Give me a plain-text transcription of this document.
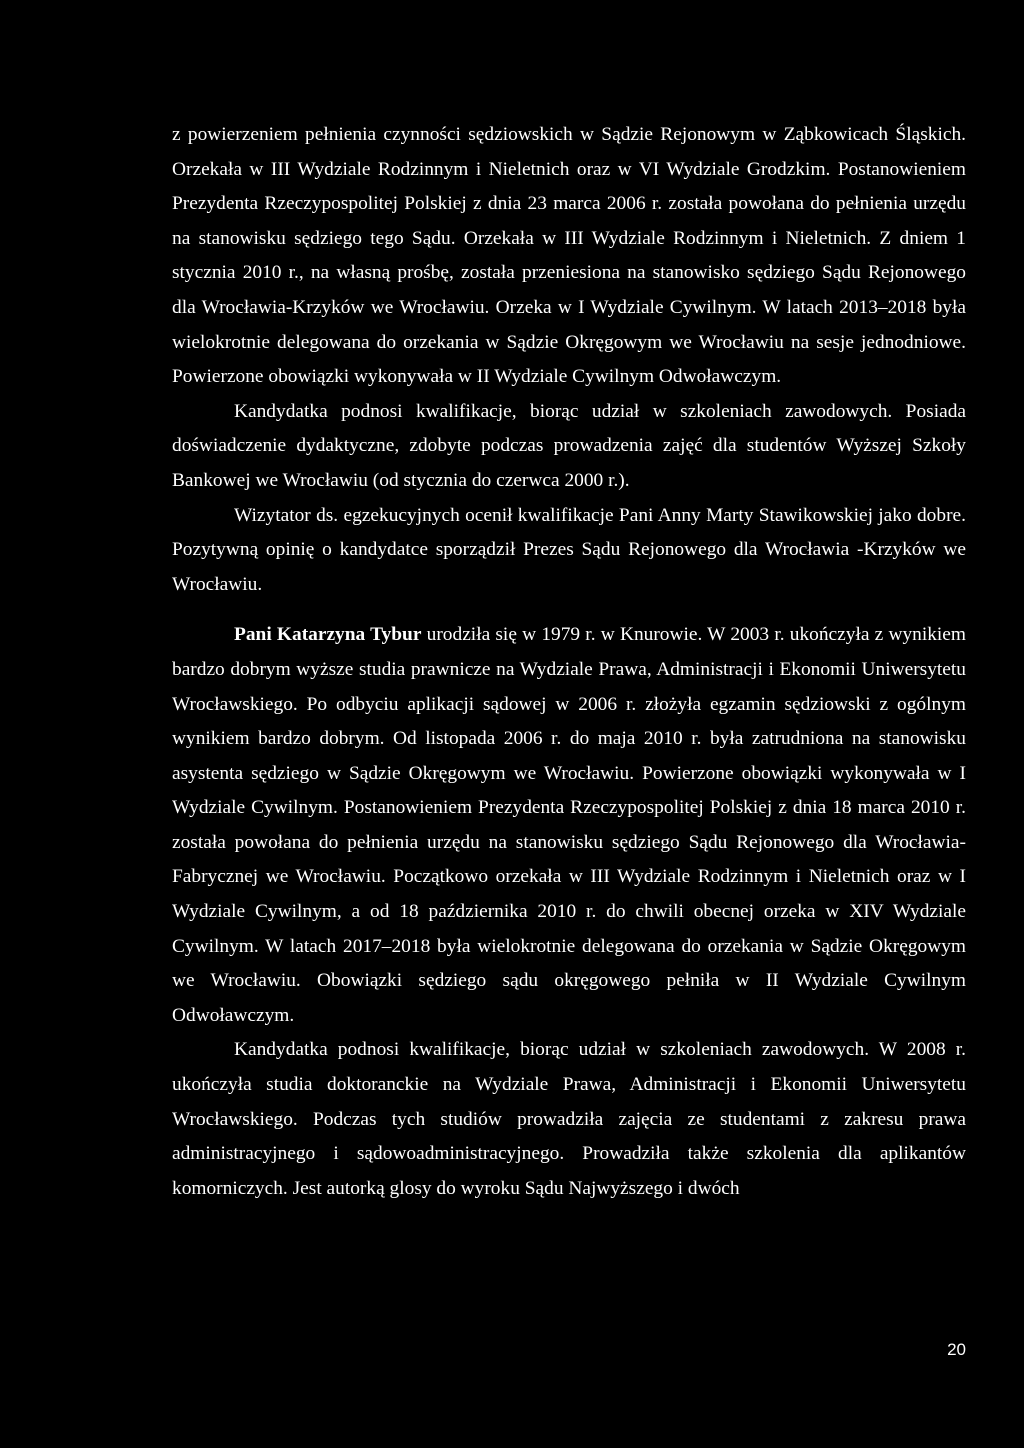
z powierzeniem pełnienia czynności sędziowskich w Sądzie Rejonowym w Ząbkowicach Śląskich. Orzekała w III Wydziale Rodzinnym i Nieletnich oraz w VI Wydziale Grodzkim. Postanowieniem Prezydenta Rzeczypospolitej Polskiej z dnia 23 marca 2006 r. została powołana do pełnienia urzędu na stanowisku sędziego tego Sądu. Orzekała w III Wydziale Rodzinnym i Nieletnich. Z dniem 1 stycznia 2010 r., na własną prośbę, została przeniesiona na stanowisko sędziego Sądu Rejonowego dla Wrocławia-Krzyków we Wrocławiu. Orzeka w I Wydziale Cywilnym. W latach 2013–2018 była wielokrotnie delegowana do orzekania w Sądzie Okręgowym we Wrocławiu na sesje jednodniowe. Powierzone obowiązki wykonywała w II Wydziale Cywilnym Odwoławczym.

Kandydatka podnosi kwalifikacje, biorąc udział w szkoleniach zawodowych. Posiada doświadczenie dydaktyczne, zdobyte podczas prowadzenia zajęć dla studentów Wyższej Szkoły Bankowej we Wrocławiu (od stycznia do czerwca 2000 r.).

Wizytator ds. egzekucyjnych ocenił kwalifikacje Pani Anny Marty Stawikowskiej jako dobre. Pozytywną opinię o kandydatce sporządził Prezes Sądu Rejonowego dla Wrocławia -Krzyków we Wrocławiu.

Pani Katarzyna Tybur urodziła się w 1979 r. w Knurowie. W 2003 r. ukończyła z wynikiem bardzo dobrym wyższe studia prawnicze na Wydziale Prawa, Administracji i Ekonomii Uniwersytetu Wrocławskiego. Po odbyciu aplikacji sądowej w 2006 r. złożyła egzamin sędziowski z ogólnym wynikiem bardzo dobrym. Od listopada 2006 r. do maja 2010 r. była zatrudniona na stanowisku asystenta sędziego w Sądzie Okręgowym we Wrocławiu. Powierzone obowiązki wykonywała w I Wydziale Cywilnym. Postanowieniem Prezydenta Rzeczypospolitej Polskiej z dnia 18 marca 2010 r. została powołana do pełnienia urzędu na stanowisku sędziego Sądu Rejonowego dla Wrocławia-Fabrycznej we Wrocławiu. Początkowo orzekała w III Wydziale Rodzinnym i Nieletnich oraz w I Wydziale Cywilnym, a od 18 października 2010 r. do chwili obecnej orzeka w XIV Wydziale Cywilnym. W latach 2017–2018 była wielokrotnie delegowana do orzekania w Sądzie Okręgowym we Wrocławiu. Obowiązki sędziego sądu okręgowego pełniła w II Wydziale Cywilnym Odwoławczym.

Kandydatka podnosi kwalifikacje, biorąc udział w szkoleniach zawodowych. W 2008 r. ukończyła studia doktoranckie na Wydziale Prawa, Administracji i Ekonomii Uniwersytetu Wrocławskiego. Podczas tych studiów prowadziła zajęcia ze studentami z zakresu prawa administracyjnego i sądowoadministracyjnego. Prowadziła także szkolenia dla aplikantów komorniczych. Jest autorką glosy do wyroku Sądu Najwyższego i dwóch

20
